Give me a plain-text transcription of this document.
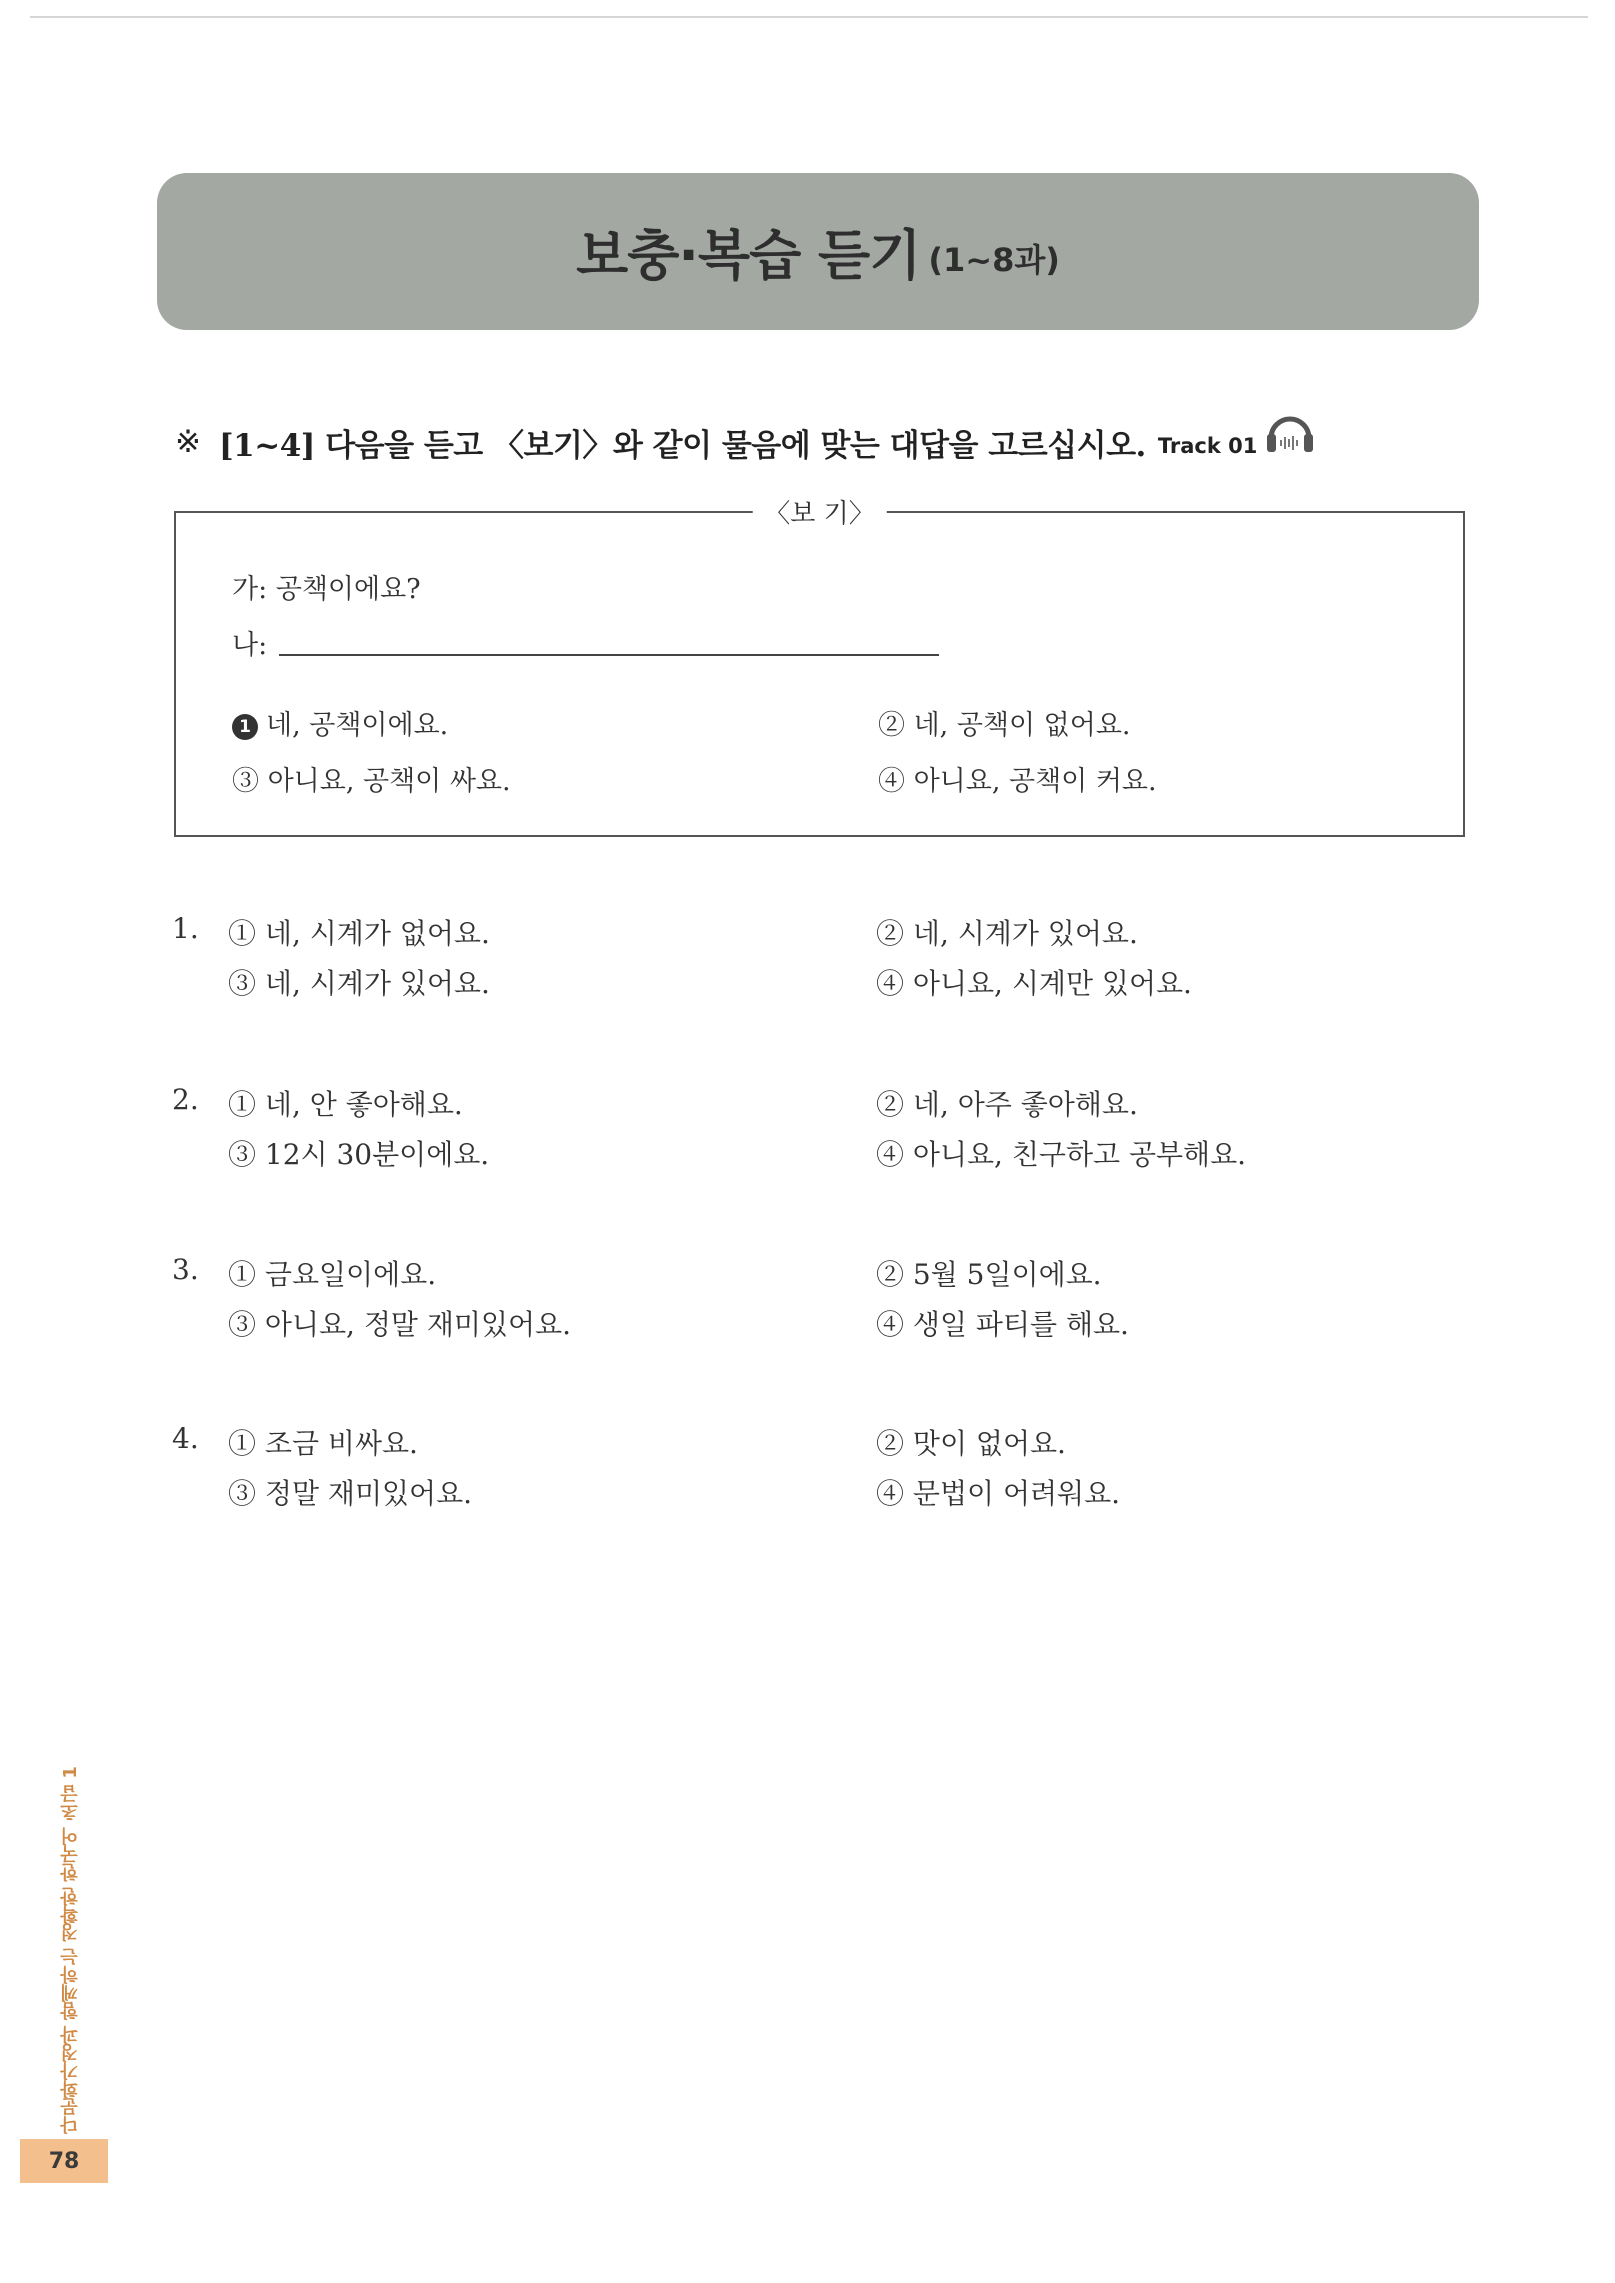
보충·복습 듣기 (1~8과)
※ [1~4] 다음을 듣고 〈보기〉와 같이 물음에 맞는 대답을 고르십시오. Track 01
〈보 기〉
가: 공책이에요?
나:
1 네, 공책이에요.	② 네, 공책이 없어요.
③ 아니요, 공책이 싸요.	④ 아니요, 공책이 커요.
1. ① 네, 시계가 없어요.	② 네, 시계가 있어요.
③ 네, 시계가 있어요.	④ 아니요, 시계만 있어요.
2. ① 네, 안 좋아해요.	② 네, 아주 좋아해요.
③ 12시 30분이에요.	④ 아니요, 친구하고 공부해요.
3. ① 금요일이에요.	② 5월 5일이에요.
③ 아니요, 정말 재미있어요.	④ 생일 파티를 해요.
4. ① 조금 비싸요.	② 맛이 없어요.
③ 정말 재미있어요.	④ 문법이 어려워요.
다문화가정과 함께하는 정확한 한국어 초급 1
78
